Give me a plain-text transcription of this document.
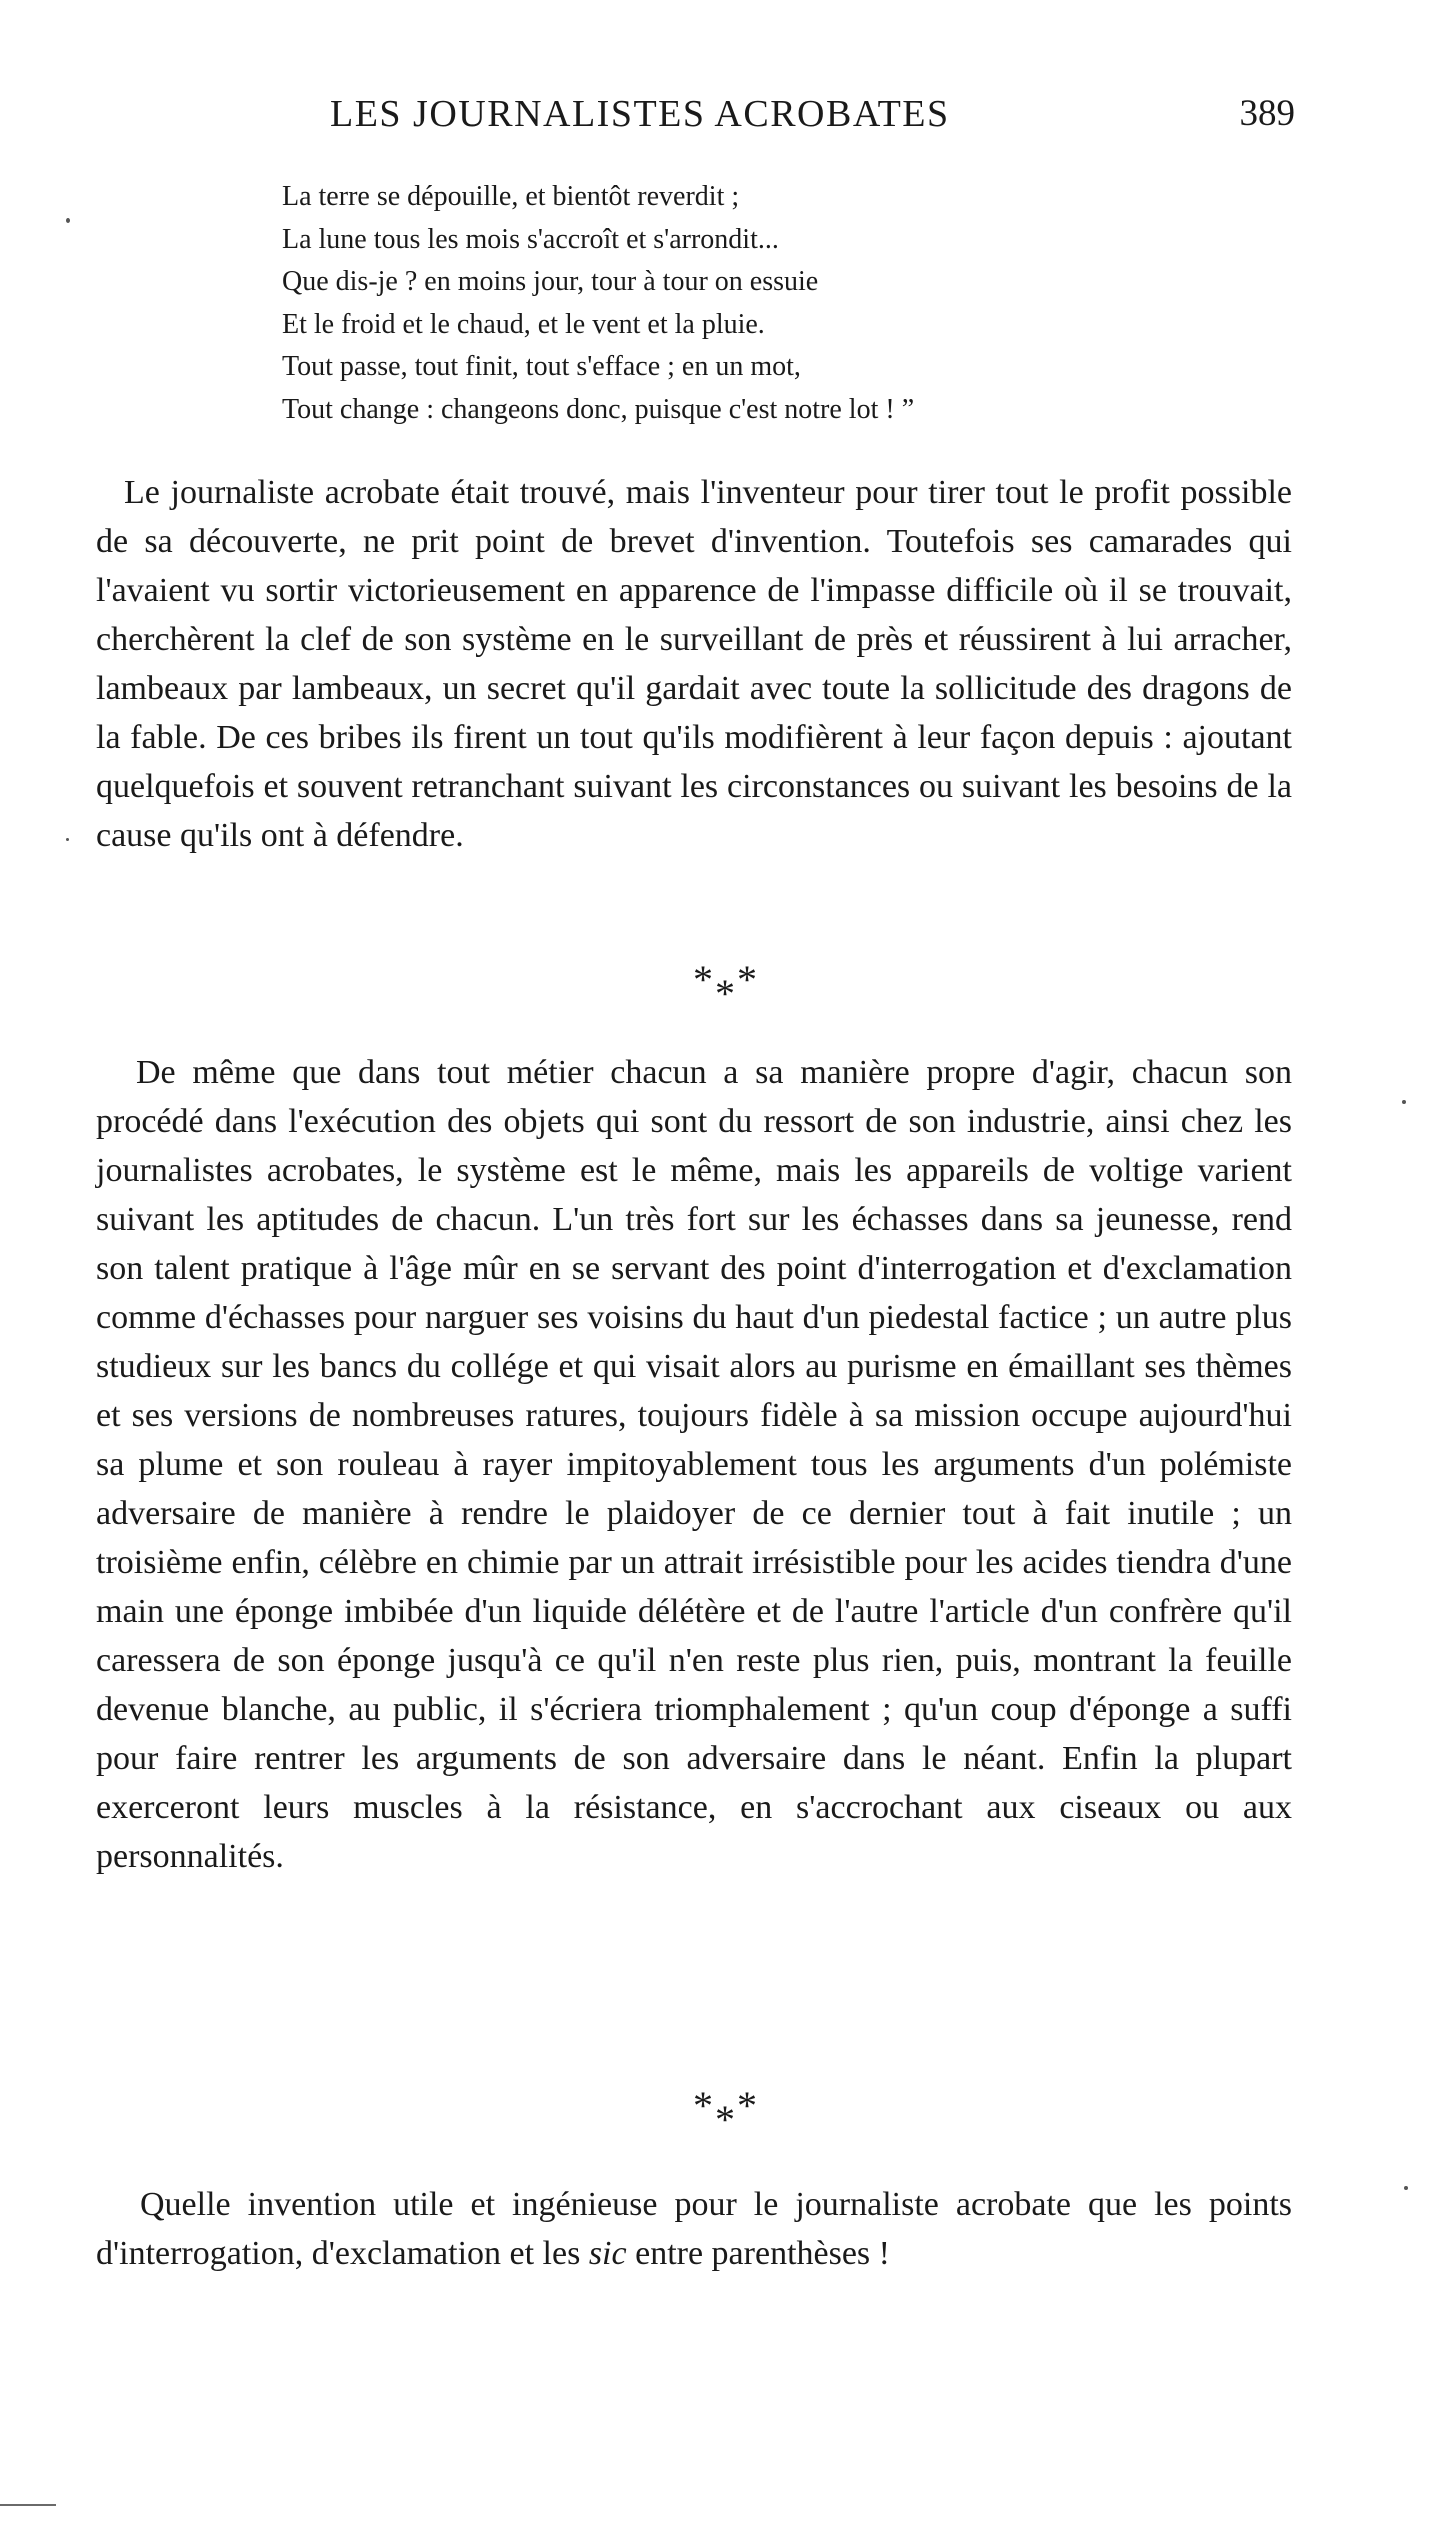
LES JOURNALISTES ACROBATES	389
La terre se dépouille, et bientôt reverdit ;
La lune tous les mois s'accroît et s'arrondit...
Que dis-je ? en moins jour, tour à tour on essuie
Et le froid et le chaud, et le vent et la pluie.
Tout passe, tout finit, tout s'efface ; en un mot,
Tout change : changeons donc, puisque c'est notre lot ! ”

Le journaliste acrobate était trouvé, mais l'inventeur pour tirer tout le profit possible de sa découverte, ne prit point de brevet d'invention. Toutefois ses camarades qui l'avaient vu sortir victorieusement en apparence de l'impasse difficile où il se trouvait, cherchèrent la clef de son système en le surveillant de près et réussirent à lui arracher, lambeaux par lambeaux, un secret qu'il gardait avec toute la sollicitude des dragons de la fable. De ces bribes ils firent un tout qu'ils modifièrent à leur façon depuis : ajoutant quelquefois et souvent retranchant suivant les circonstances ou suivant les besoins de la cause qu'ils ont à défendre.

***

De même que dans tout métier chacun a sa manière propre d'agir, chacun son procédé dans l'exécution des objets qui sont du ressort de son industrie, ainsi chez les journalistes acrobates, le système est le même, mais les appareils de voltige varient suivant les aptitudes de chacun. L'un très fort sur les échasses dans sa jeunesse, rend son talent pratique à l'âge mûr en se servant des point d'interrogation et d'exclamation comme d'échasses pour narguer ses voisins du haut d'un piedestal factice ; un autre plus studieux sur les bancs du collége et qui visait alors au purisme en émaillant ses thèmes et ses versions de nombreuses ratures, toujours fidèle à sa mission occupe aujourd'hui sa plume et son rouleau à rayer impitoyablement tous les arguments d'un polémiste adversaire de manière à rendre le plaidoyer de ce dernier tout à fait inutile ; un troisième enfin, célèbre en chimie par un attrait irrésistible pour les acides tiendra d'une main une éponge imbibée d'un liquide délétère et de l'autre l'article d'un confrère qu'il caressera de son éponge jusqu'à ce qu'il n'en reste plus rien, puis, montrant la feuille devenue blanche, au public, il s'écriera triomphalement ; qu'un coup d'éponge a suffi pour faire rentrer les arguments de son adversaire dans le néant. Enfin la plupart exerceront leurs muscles à la résistance, en s'accrochant aux ciseaux ou aux personnalités.

***

Quelle invention utile et ingénieuse pour le journaliste acrobate que les points d'interrogation, d'exclamation et les sic entre parenthèses !
